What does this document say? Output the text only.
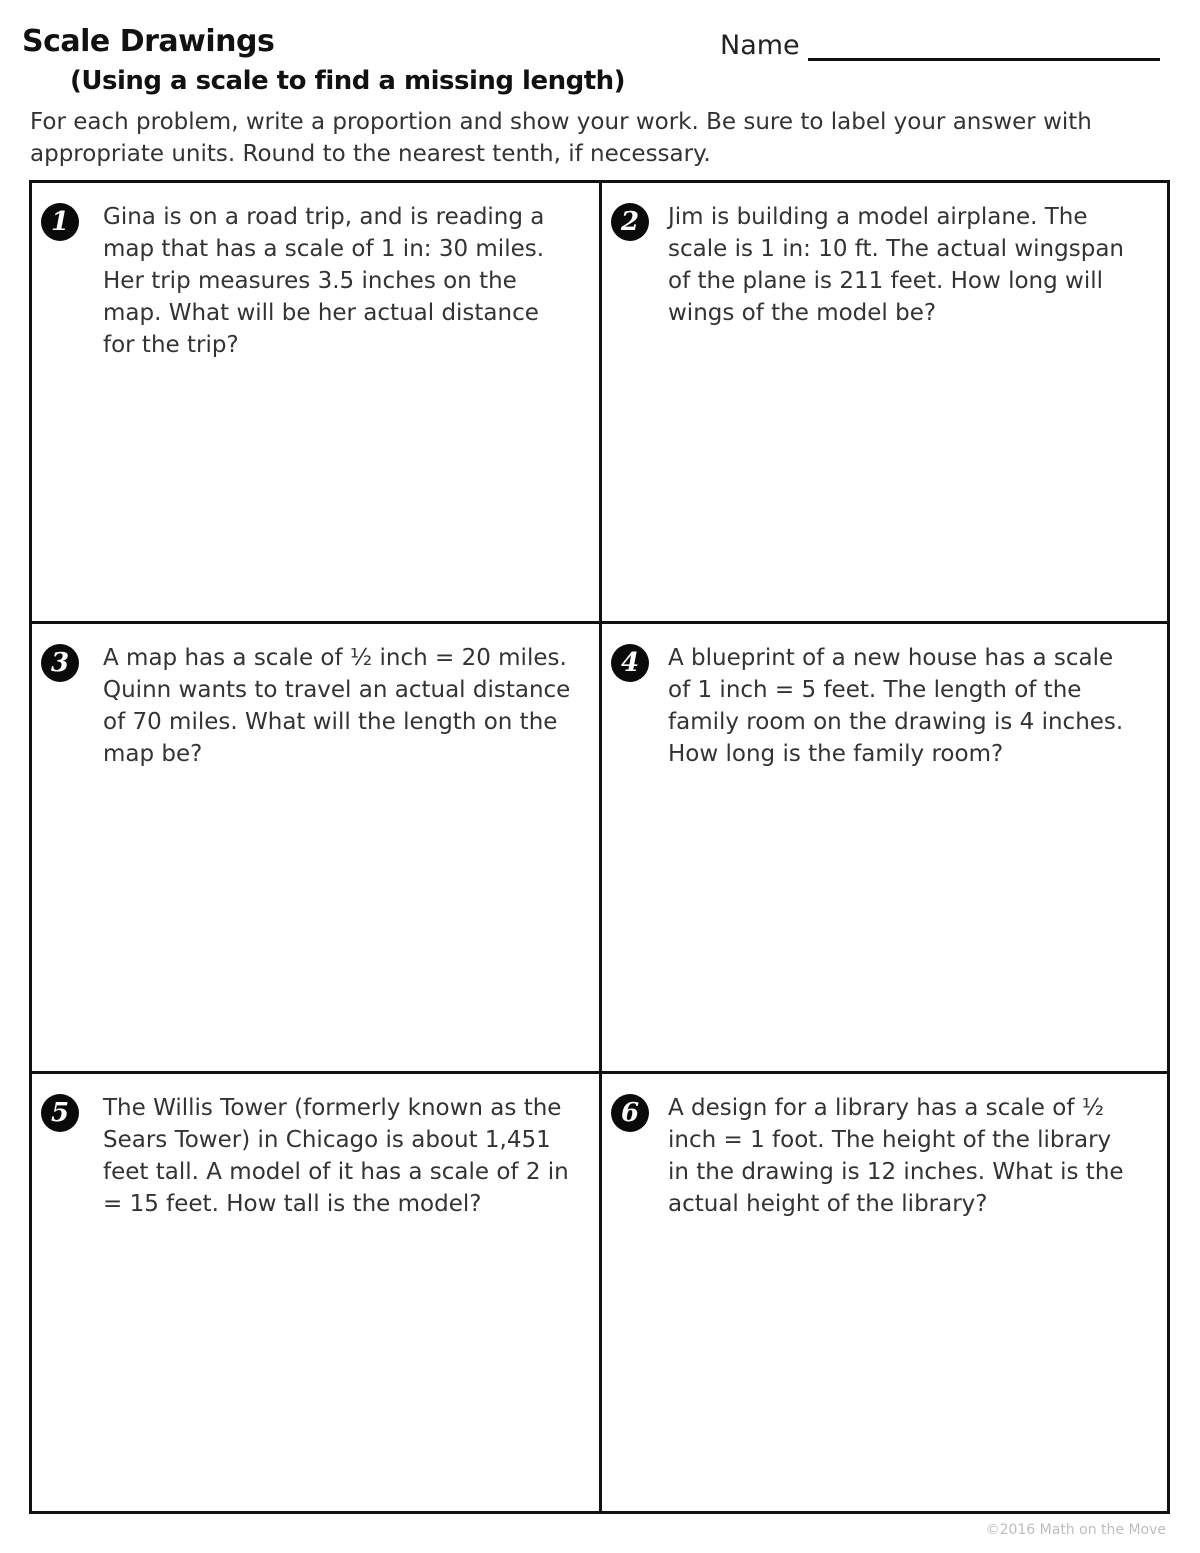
Scale Drawings
(Using a scale to find a missing length)
Name

For each problem, write a proportion and show your work. Be sure to label your answer with appropriate units. Round to the nearest tenth, if necessary.

1	Gina is on a road trip, and is reading a map that has a scale of 1 in: 30 miles. Her trip measures 3.5 inches on the map. What will be her actual distance for the trip?

2	Jim is building a model airplane. The scale is 1 in: 10 ft. The actual wingspan of the plane is 211 feet. How long will wings of the model be?

3	A map has a scale of ½ inch = 20 miles. Quinn wants to travel an actual distance of 70 miles. What will the length on the map be?

4	A blueprint of a new house has a scale of 1 inch = 5 feet. The length of the family room on the drawing is 4 inches. How long is the family room?

5	The Willis Tower (formerly known as the Sears Tower) in Chicago is about 1,451 feet tall. A model of it has a scale of 2 in = 15 feet. How tall is the model?

6	A design for a library has a scale of ½ inch = 1 foot. The height of the library in the drawing is 12 inches. What is the actual height of the library?

©2016 Math on the Move
